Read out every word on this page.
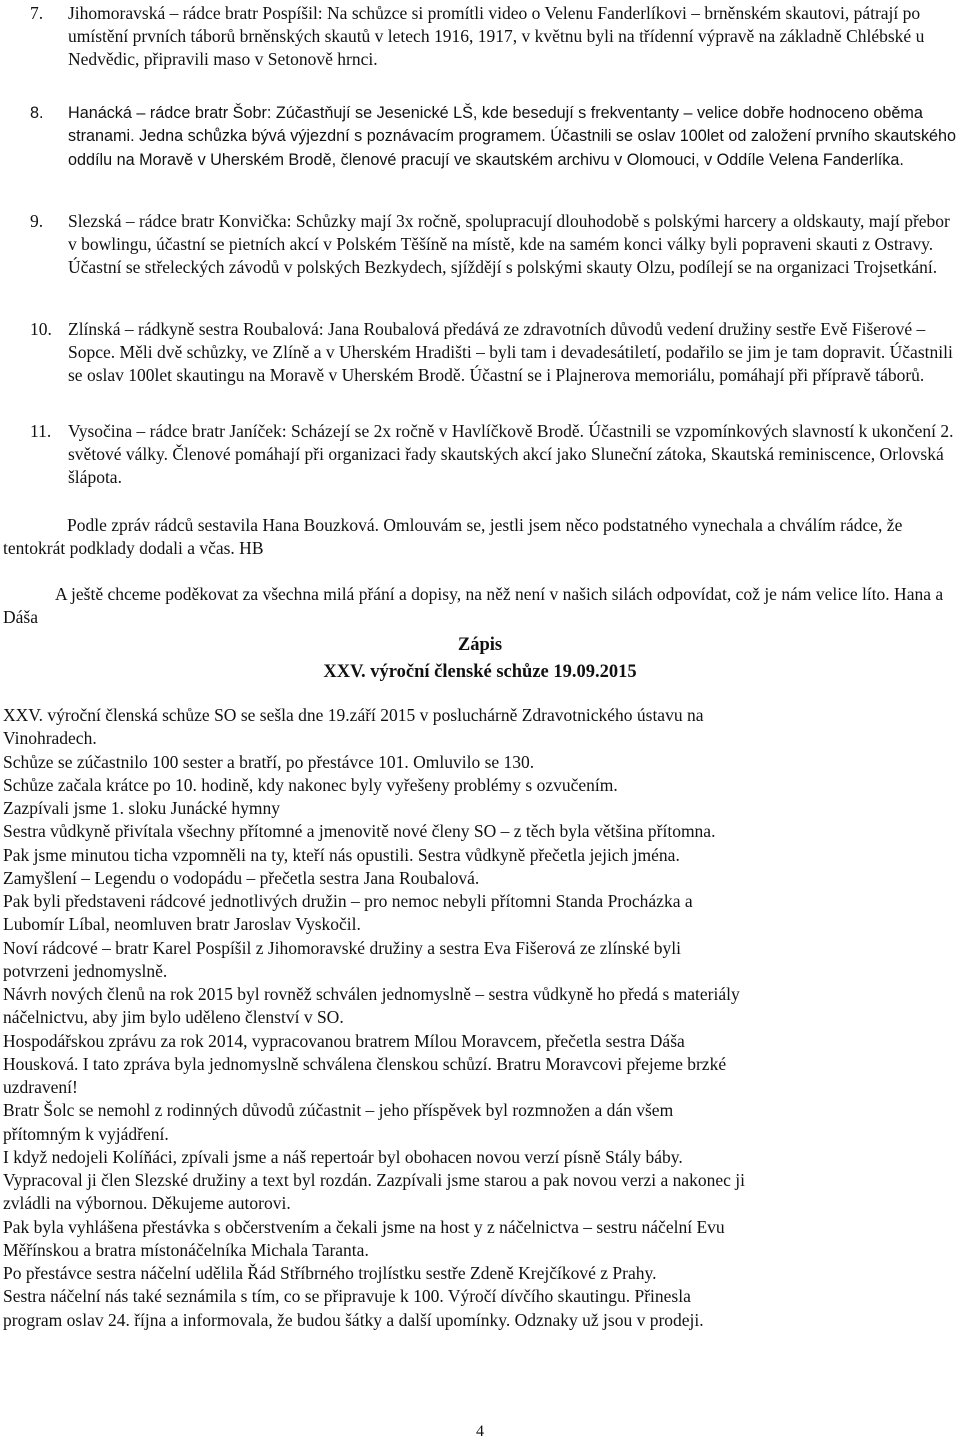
7.	Jihomoravská – rádce bratr Pospíšil: Na schůzce si promítli video o Velenu Fanderlíkovi – brněnském skautovi, pátrají po umístění prvních táborů brněnských skautů v letech 1916, 1917, v květnu byli na třídenní výpravě na základně Chlébské u Nedvědic, připravili maso v Setonově hrnci.
8.	Hanácká – rádce bratr Šobr: Zúčastňují se Jesenické LŠ, kde besedují s frekventanty – velice dobře hodnoceno oběma stranami. Jedna schůzka bývá výjezdní s poznávacím programem. Účastnili se oslav 100let od založení prvního skautského oddílu na Moravě v Uherském Brodě, členové pracují ve skautském archivu v Olomouci, v Oddíle Velena Fanderlíka.
9.	Slezská – rádce bratr Konvička: Schůzky mají 3x ročně, spolupracují dlouhodobě s polskými harcery a oldskauty, mají přebor v bowlingu, účastní se pietních akcí v Polském Těšíně na místě, kde na samém konci války byli popraveni skauti z Ostravy. Účastní se střeleckých závodů v polských Bezkydech, sjíždějí s polskými skauty Olzu, podílejí se na organizaci Trojsetkání.
10. Zlínská – rádkyně sestra Roubalová: Jana Roubalová předává ze zdravotních důvodů vedení družiny sestře Evě Fišerové – Sopce. Měli dvě schůzky, ve Zlíně a v Uherském Hradišti – byli tam i devadesátiletí, podařilo se jim je tam dopravit. Účastnili se oslav 100let skautingu na Moravě v Uherském Brodě. Účastní se i Plajnerova memoriálu, pomáhají při přípravě táborů.
11. Vysočina – rádce bratr Janíček: Scházejí se 2x ročně v Havlíčkově Brodě. Účastnili se vzpomínkových slavností k ukončení 2. světové války. Členové pomáhají při organizaci řady skautských akcí jako Sluneční zátoka, Skautská reminiscence, Orlovská šlápota.
Podle zpráv rádců sestavila Hana Bouzková. Omlouvám se, jestli jsem něco podstatného vynechala a chválím rádce, že tentokrát podklady dodali a včas. HB
A ještě chceme poděkovat za všechna milá přání a dopisy, na něž není v našich silách odpovídat, což je nám velice líto. Hana a Dáša
Zápis
XXV. výroční členské schůze 19.09.2015
XXV. výroční členská schůze SO se sešla dne 19.září 2015 v posluchárně Zdravotnického ústavu na
Vinohradech.
Schůze se zúčastnilo 100 sester a bratří, po přestávce 101. Omluvilo se 130.
Schůze začala krátce po 10. hodině, kdy nakonec byly vyřešeny problémy s ozvučením.
Zazpívali jsme 1. sloku Junácké hymny
Sestra vůdkyně přivítala všechny přítomné a jmenovitě nové členy SO – z těch byla většina přítomna.
Pak jsme minutou ticha vzpomněli na ty, kteří nás opustili. Sestra vůdkyně přečetla jejich jména.
Zamyšlení – Legendu o vodopádu – přečetla sestra Jana Roubalová.
Pak byli představeni rádcové jednotlivých družin – pro nemoc nebyli přítomni Standa Procházka a
Lubomír Líbal, neomluven bratr Jaroslav Vyskočil.
Noví rádcové – bratr Karel Pospíšil z Jihomoravské družiny a sestra Eva Fišerová ze zlínské byli
potvrzeni jednomyslně.
Návrh nových členů na rok 2015 byl rovněž schválen jednomyslně – sestra vůdkyně ho předá s materiály
náčelnictvu, aby jim bylo uděleno členství v SO.
Hospodářskou zprávu za rok 2014, vypracovanou bratrem Mílou Moravcem, přečetla sestra Dáša
Housková. I tato zpráva byla jednomyslně schválena členskou schůzí. Bratru Moravcovi přejeme brzké
uzdravení!
Bratr Šolc se nemohl z rodinných důvodů zúčastnit – jeho příspěvek byl rozmnožen a dán všem
přítomným k vyjádření.
I když nedojeli Kolíňáci, zpívali jsme a náš repertoár byl obohacen novou verzí písně Stály báby.
Vypracoval ji člen Slezské družiny a text byl rozdán. Zazpívali jsme starou a pak novou verzi a nakonec ji
zvládli na výbornou. Děkujeme autorovi.
Pak byla vyhlášena přestávka s občerstvením a čekali jsme na host y z náčelnictva – sestru náčelní Evu
Měřínskou a bratra místonáčelníka Michala Taranta.
Po přestávce sestra náčelní udělila Řád Stříbrného trojlístku sestře Zdeně Krejčíkové z Prahy.
Sestra náčelní nás také seznámila s tím, co se připravuje k 100. Výročí dívčího skautingu. Přinesla
program oslav 24. října a informovala, že budou šátky a další upomínky. Odznaky už jsou v prodeji.
4
